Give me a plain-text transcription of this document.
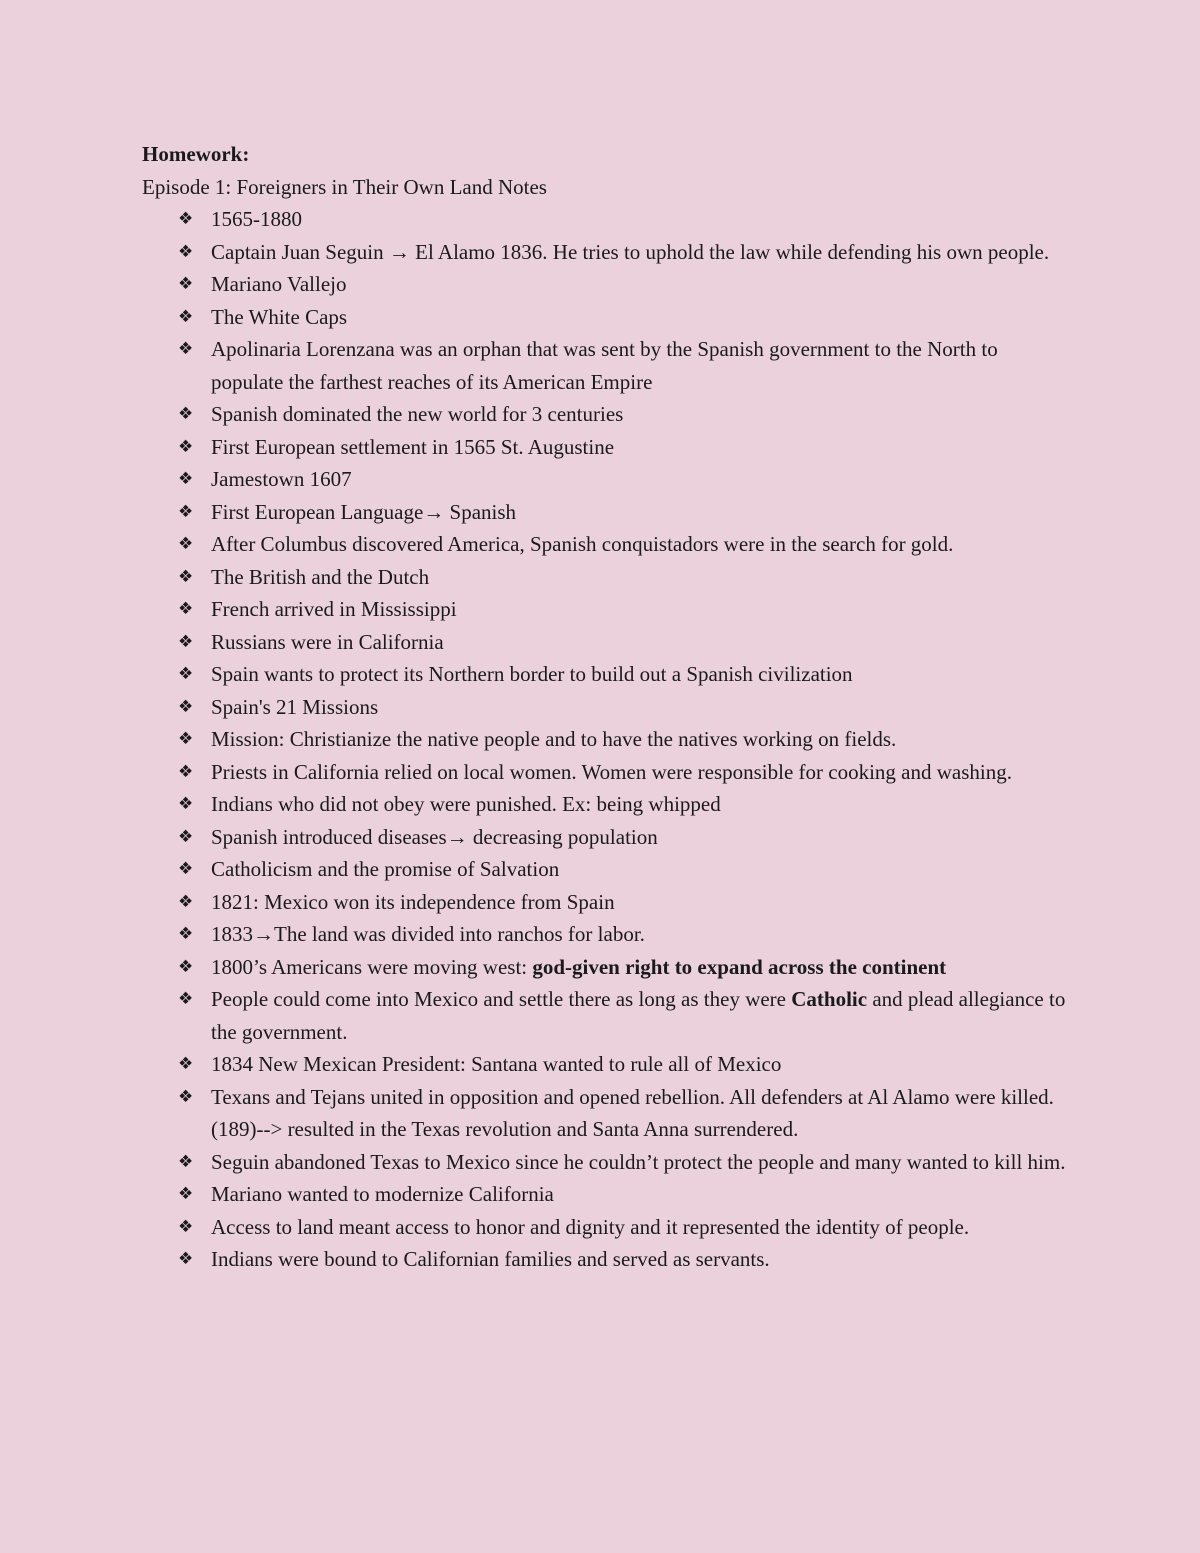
Homework:

Episode 1: Foreigners in Their Own Land Notes

❖ 1565-1880
❖ Captain Juan Seguin → El Alamo 1836. He tries to uphold the law while defending his own people.
❖ Mariano Vallejo
❖ The White Caps
❖ Apolinaria Lorenzana was an orphan that was sent by the Spanish government to the North to populate the farthest reaches of its American Empire
❖ Spanish dominated the new world for 3 centuries
❖ First European settlement in 1565 St. Augustine
❖ Jamestown 1607
❖ First European Language→ Spanish
❖ After Columbus discovered America, Spanish conquistadors were in the search for gold.
❖ The British and the Dutch
❖ French arrived in Mississippi
❖ Russians were in California
❖ Spain wants to protect its Northern border to build out a Spanish civilization
❖ Spain's 21 Missions
❖ Mission: Christianize the native people and to have the natives working on fields.
❖ Priests in California relied on local women. Women were responsible for cooking and washing.
❖ Indians who did not obey were punished. Ex: being whipped
❖ Spanish introduced diseases→ decreasing population
❖ Catholicism and the promise of Salvation
❖ 1821: Mexico won its independence from Spain
❖ 1833→The land was divided into ranchos for labor.
❖ 1800’s Americans were moving west: god-given right to expand across the continent
❖ People could come into Mexico and settle there as long as they were Catholic and plead allegiance to the government.
❖ 1834 New Mexican President: Santana wanted to rule all of Mexico
❖ Texans and Tejans united in opposition and opened rebellion. All defenders at Al Alamo were killed. (189)--> resulted in the Texas revolution and Santa Anna surrendered.
❖ Seguin abandoned Texas to Mexico since he couldn’t protect the people and many wanted to kill him.
❖ Mariano wanted to modernize California
❖ Access to land meant access to honor and dignity and it represented the identity of people.
❖ Indians were bound to Californian families and served as servants.
